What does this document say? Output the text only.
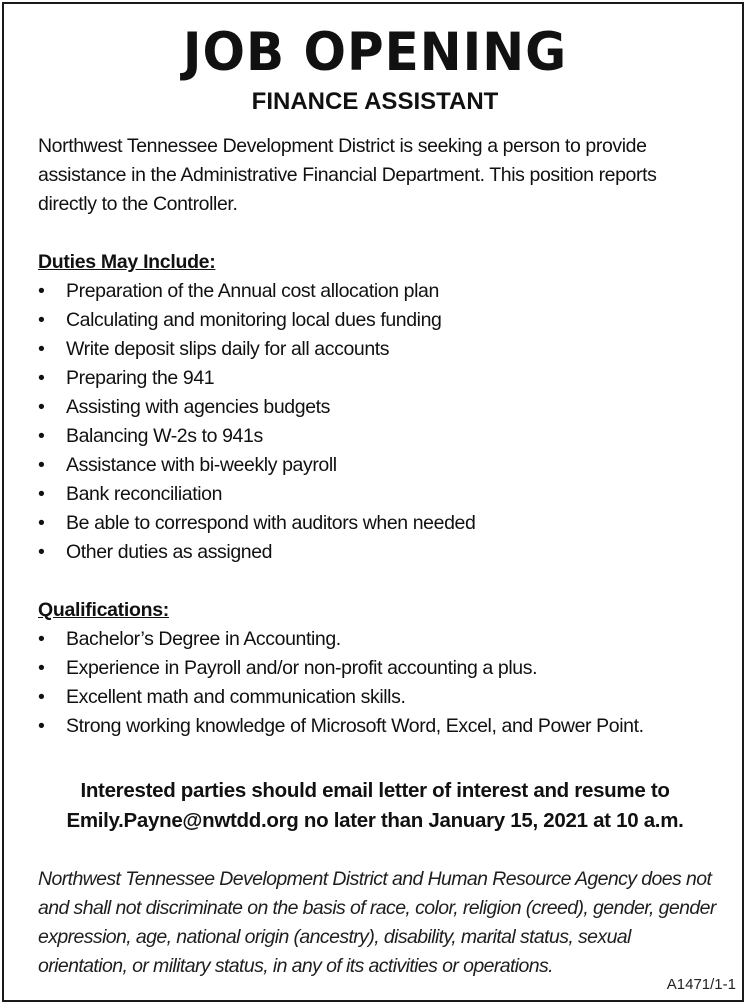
JOB OPENING
FINANCE ASSISTANT

Northwest Tennessee Development District is seeking a person to provide assistance in the Administrative Financial Department. This position reports directly to the Controller.

Duties May Include:

• Preparation of the Annual cost allocation plan
• Calculating and monitoring local dues funding
• Write deposit slips daily for all accounts
• Preparing the 941
• Assisting with agencies budgets
• Balancing W-2s to 941s
• Assistance with bi-weekly payroll
• Bank reconciliation
• Be able to correspond with auditors when needed
• Other duties as assigned

Qualifications:

• Bachelor’s Degree in Accounting.
• Experience in Payroll and/or non-profit accounting a plus.
• Excellent math and communication skills.
• Strong working knowledge of Microsoft Word, Excel, and Power Point.

Interested parties should email letter of interest and resume to

Emily.Payne@nwtdd.org no later than January 15, 2021 at 10 a.m.

Northwest Tennessee Development District and Human Resource Agency does not and shall not discriminate on the basis of race, color, religion (creed), gender, gender expression, age, national origin (ancestry), disability, marital status, sexual orientation, or military status, in any of its activities or operations.

A1471/1-1
